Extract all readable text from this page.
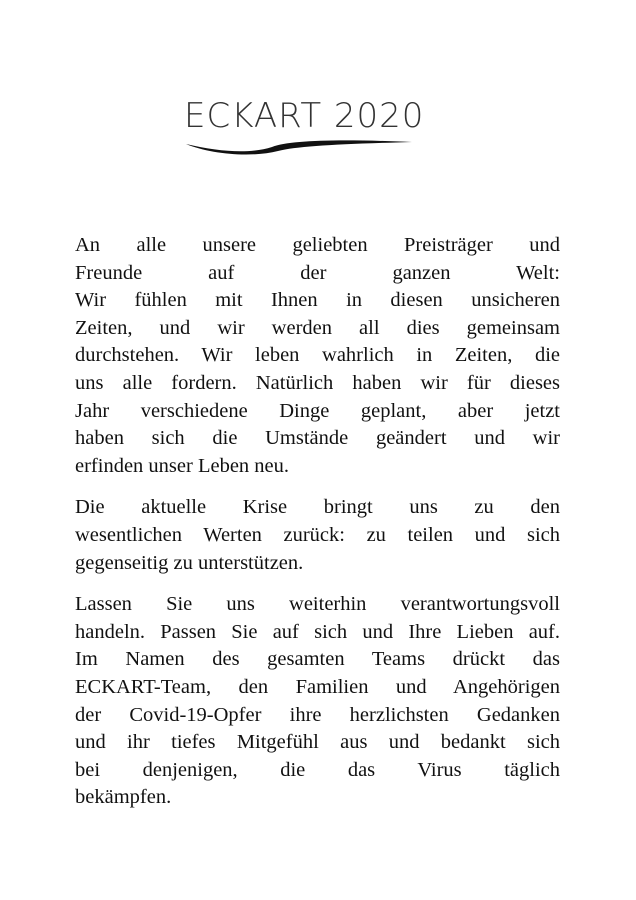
ECKART 2020

An alle unsere geliebten Preisträger und
Freunde auf der ganzen Welt:
Wir fühlen mit Ihnen in diesen unsicheren
Zeiten, und wir werden all dies gemeinsam
durchstehen. Wir leben wahrlich in Zeiten, die
uns alle fordern. Natürlich haben wir für dieses
Jahr verschiedene Dinge geplant, aber jetzt
haben sich die Umstände geändert und wir
erfinden unser Leben neu.

Die aktuelle Krise bringt uns zu den
wesentlichen Werten zurück: zu teilen und sich
gegenseitig zu unterstützen.

Lassen Sie uns weiterhin verantwortungsvoll
handeln. Passen Sie auf sich und Ihre Lieben auf.
Im Namen des gesamten Teams drückt das
ECKART-Team, den Familien und Angehörigen
der Covid-19-Opfer ihre herzlichsten Gedanken
und ihr tiefes Mitgefühl aus und bedankt sich
bei denjenigen, die das Virus täglich
bekämpfen.
